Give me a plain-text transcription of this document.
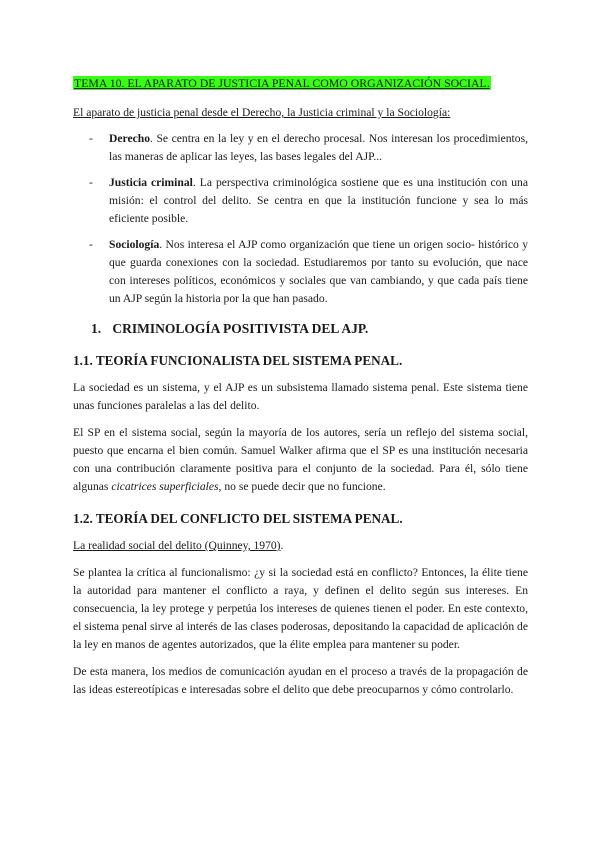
TEMA 10. EL APARATO DE JUSTICIA PENAL COMO ORGANIZACIÓN SOCIAL.
El aparato de justicia penal desde el Derecho, la Justicia criminal y la Sociología:
- Derecho. Se centra en la ley y en el derecho procesal. Nos interesan los procedimientos, las maneras de aplicar las leyes, las bases legales del AJP...

- Justicia criminal. La perspectiva criminológica sostiene que es una institución con una misión: el control del delito. Se centra en que la institución funcione y sea lo más eficiente posible.

- Sociología. Nos interesa el AJP como organización que tiene un origen socio- histórico y que guarda conexiones con la sociedad. Estudiaremos por tanto su evolución, que nace con intereses políticos, económicos y sociales que van cambiando, y que cada país tiene un AJP según la historia por la que han pasado.

1. CRIMINOLOGÍA POSITIVISTA DEL AJP.
1.1. TEORÍA FUNCIONALISTA DEL SISTEMA PENAL.

La sociedad es un sistema, y el AJP es un subsistema llamado sistema penal. Este sistema tiene unas funciones paralelas a las del delito.

El SP en el sistema social, según la mayoría de los autores, sería un reflejo del sistema social, puesto que encarna el bien común. Samuel Walker afirma que el SP es una institución necesaria con una contribución claramente positiva para el conjunto de la sociedad. Para él, sólo tiene algunas cicatrices superficiales, no se puede decir que no funcione.

1.2. TEORÍA DEL CONFLICTO DEL SISTEMA PENAL.

La realidad social del delito (Quinney, 1970).

Se plantea la crítica al funcionalismo: ¿y si la sociedad está en conflicto? Entonces, la élite tiene la autoridad para mantener el conflicto a raya, y definen el delito según sus intereses. En consecuencia, la ley protege y perpetúa los intereses de quienes tienen el poder. En este contexto, el sistema penal sirve al interés de las clases poderosas, depositando la capacidad de aplicación de la ley en manos de agentes autorizados, que la élite emplea para mantener su poder.

De esta manera, los medios de comunicación ayudan en el proceso a través de la propagación de las ideas estereotípicas e interesadas sobre el delito que debe preocuparnos y cómo controlarlo.
